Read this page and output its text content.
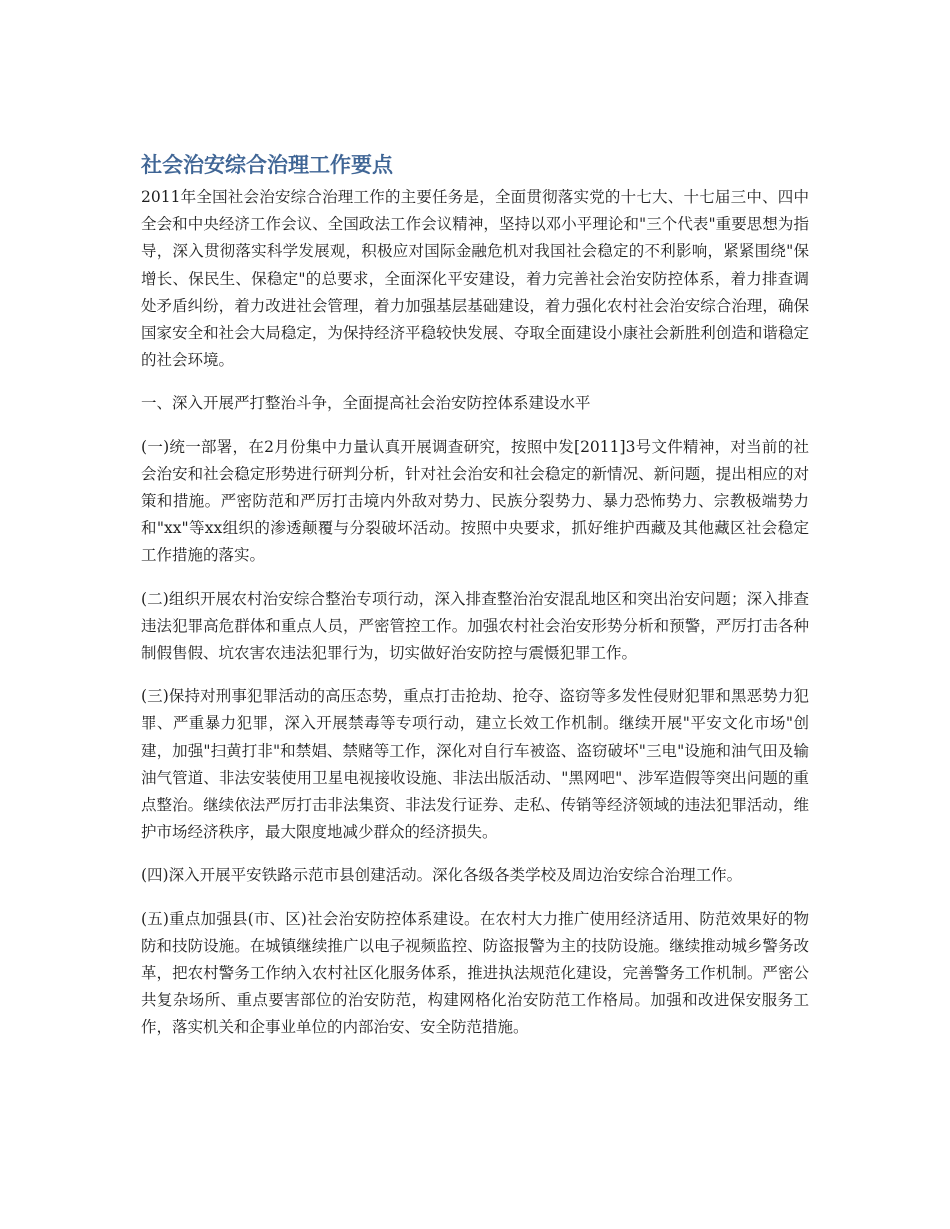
社会治安综合治理工作要点

2011年全国社会治安综合治理工作的主要任务是，全面贯彻落实党的十七大、十七届三中、四中全会和中央经济工作会议、全国政法工作会议精神，坚持以邓小平理论和"三个代表"重要思想为指导，深入贯彻落实科学发展观，积极应对国际金融危机对我国社会稳定的不利影响，紧紧围绕"保增长、保民生、保稳定"的总要求，全面深化平安建设，着力完善社会治安防控体系，着力排查调处矛盾纠纷，着力改进社会管理，着力加强基层基础建设，着力强化农村社会治安综合治理，确保国家安全和社会大局稳定，为保持经济平稳较快发展、夺取全面建设小康社会新胜利创造和谐稳定的社会环境。

一、深入开展严打整治斗争，全面提高社会治安防控体系建设水平

(一)统一部署，在2月份集中力量认真开展调查研究，按照中发[2011]3号文件精神，对当前的社会治安和社会稳定形势进行研判分析，针对社会治安和社会稳定的新情况、新问题，提出相应的对策和措施。严密防范和严厉打击境内外敌对势力、民族分裂势力、暴力恐怖势力、宗教极端势力和"xx"等xx组织的渗透颠覆与分裂破坏活动。按照中央要求，抓好维护西藏及其他藏区社会稳定工作措施的落实。

(二)组织开展农村治安综合整治专项行动，深入排查整治治安混乱地区和突出治安问题；深入排查违法犯罪高危群体和重点人员，严密管控工作。加强农村社会治安形势分析和预警，严厉打击各种制假售假、坑农害农违法犯罪行为，切实做好治安防控与震慑犯罪工作。

(三)保持对刑事犯罪活动的高压态势，重点打击抢劫、抢夺、盗窃等多发性侵财犯罪和黑恶势力犯罪、严重暴力犯罪，深入开展禁毒等专项行动，建立长效工作机制。继续开展"平安文化市场"创建，加强"扫黄打非"和禁娼、禁赌等工作，深化对自行车被盗、盗窃破坏"三电"设施和油气田及输油气管道、非法安装使用卫星电视接收设施、非法出版活动、"黑网吧"、涉军造假等突出问题的重点整治。继续依法严厉打击非法集资、非法发行证券、走私、传销等经济领域的违法犯罪活动，维护市场经济秩序，最大限度地减少群众的经济损失。

(四)深入开展平安铁路示范市县创建活动。深化各级各类学校及周边治安综合治理工作。

(五)重点加强县(市、区)社会治安防控体系建设。在农村大力推广使用经济适用、防范效果好的物防和技防设施。在城镇继续推广以电子视频监控、防盗报警为主的技防设施。继续推动城乡警务改革，把农村警务工作纳入农村社区化服务体系，推进执法规范化建设，完善警务工作机制。严密公共复杂场所、重点要害部位的治安防范，构建网格化治安防范工作格局。加强和改进保安服务工作，落实机关和企事业单位的内部治安、安全防范措施。
